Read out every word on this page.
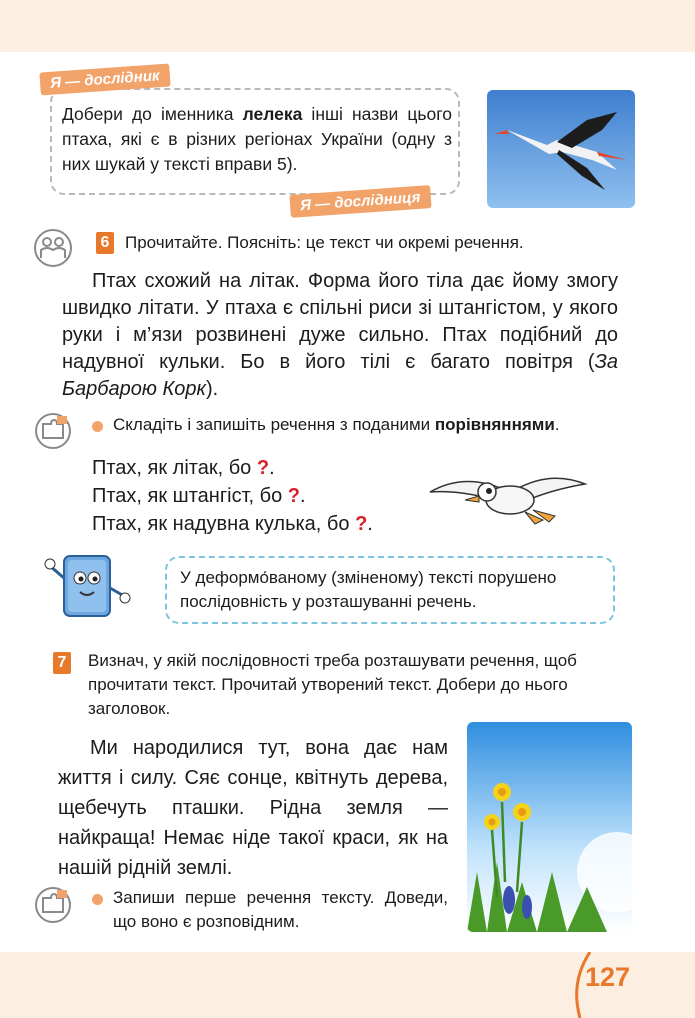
Я — дослідник

Добери до іменника лелека інші назви цього птаха, які є в різних регіонах України (одну з них шукай у тексті вправи 5).

Я — дослідниця
6 Прочитайте. Поясніть: це текст чи окремі речення.

Птах схожий на літак. Форма його тіла дає йому змогу швидко літати. У птаха є спільні риси зі штангістом, у якого руки і м’язи розвинені дуже сильно. Птах подібний до надувної кульки. Бо в його тілі є багато повітря (За Барбарою Корк).

Складіть і запишіть речення з поданими порівняннями.

Птах, як літак, бо ?.
Птах, як штангіст, бо ?.
Птах, як надувна кулька, бо ?.

У деформо́ваному (зміненому) тексті порушено послідовність у розташуванні речень.

7 Визнач, у якій послідовності треба розташувати речення, щоб прочитати текст. Прочитай утворений текст. Добери до нього заголовок.

Ми народилися тут, вона дає нам життя і силу. Сяє сонце, квітнуть дерева, щебечуть пташки. Рідна земля — найкраща! Немає ніде такої краси, як на нашій рідній землі.

Запиши перше речення тексту. Доведи, що воно є розповідним.

127
